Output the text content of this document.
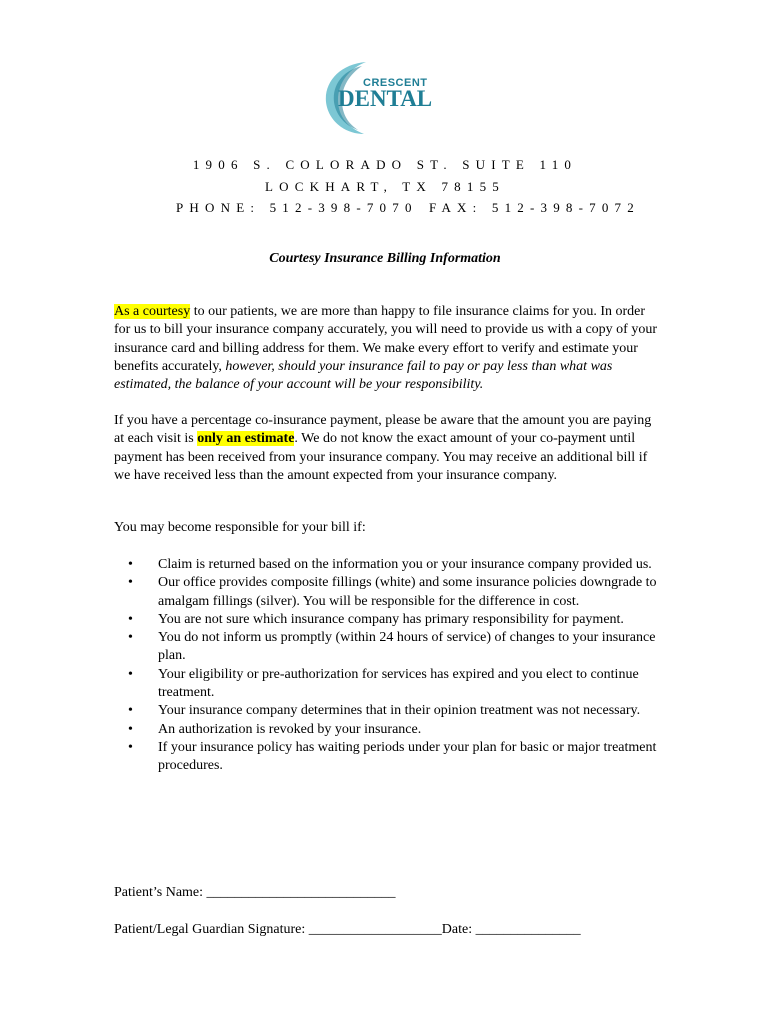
CRESCENT
DENTAL
1906 S. COLORADO ST. SUITE 110
LOCKHART, TX 78155
PHONE: 512-398-7070 FAX: 512-398-7072
Courtesy Insurance Billing Information
As a courtesy to our patients, we are more than happy to file insurance claims for you. In order for us to bill your insurance company accurately, you will need to provide us with a copy of your insurance card and billing address for them. We make every effort to verify and estimate your benefits accurately, however, should your insurance fail to pay or pay less than what was estimated, the balance of your account will be your responsibility.
If you have a percentage co-insurance payment, please be aware that the amount you are paying at each visit is only an estimate. We do not know the exact amount of your co-payment until payment has been received from your insurance company. You may receive an additional bill if we have received less than the amount expected from your insurance company.
You may become responsible for your bill if:
• Claim is returned based on the information you or your insurance company provided us.
• Our office provides composite fillings (white) and some insurance policies downgrade to amalgam fillings (silver). You will be responsible for the difference in cost.
• You are not sure which insurance company has primary responsibility for payment.
• You do not inform us promptly (within 24 hours of service) of changes to your insurance plan.
• Your eligibility or pre-authorization for services has expired and you elect to continue treatment.
• Your insurance company determines that in their opinion treatment was not necessary.
• An authorization is revoked by your insurance.
• If your insurance policy has waiting periods under your plan for basic or major treatment procedures.
Patient’s Name: ___________________________
Patient/Legal Guardian Signature: ___________________Date: _______________
